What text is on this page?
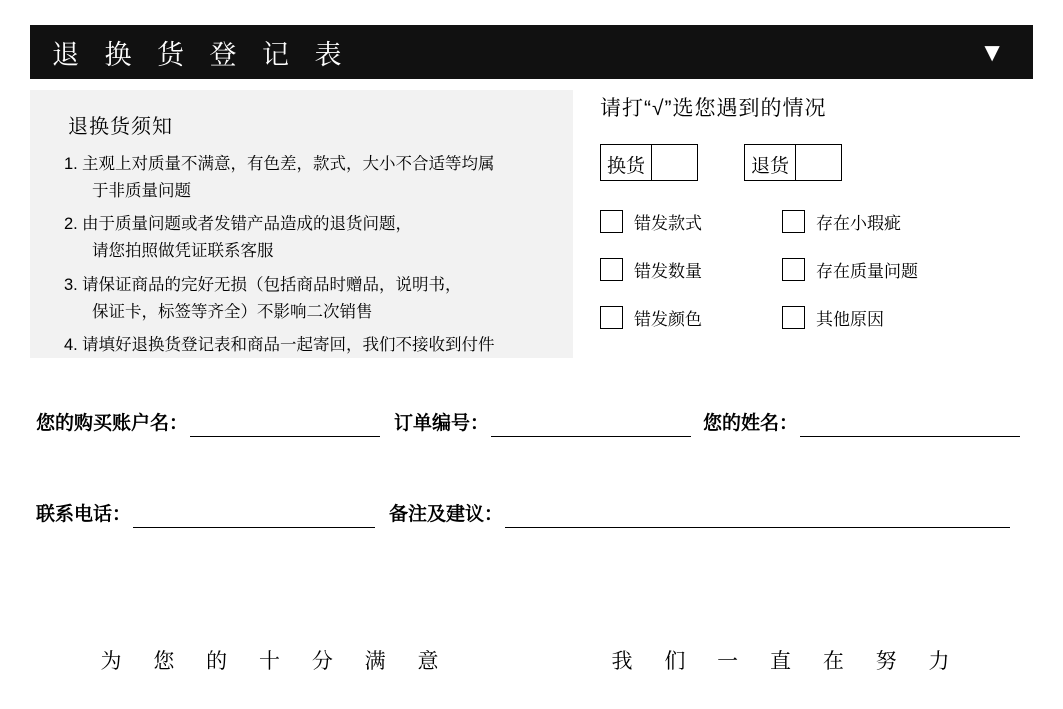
退 换 货 登 记 表	▼
退换货须知
1. 主观上对质量不满意，有色差，款式，大小不合适等均属
于非质量问题
2. 由于质量问题或者发错产品造成的退货问题，
请您拍照做凭证联系客服
3. 请保证商品的完好无损（包括商品时赠品，说明书，
保证卡，标签等齐全）不影响二次销售
4. 请填好退换货登记表和商品一起寄回，我们不接收到付件
请打“√”选您遇到的情况
换货	退货
错发款式	存在小瑕疵
错发数量	存在质量问题
错发颜色	其他原因
您的购买账户名：	订单编号：	您的姓名：
联系电话：	备注及建议：
为 您 的 十 分 满 意	我 们 一 直 在 努 力
